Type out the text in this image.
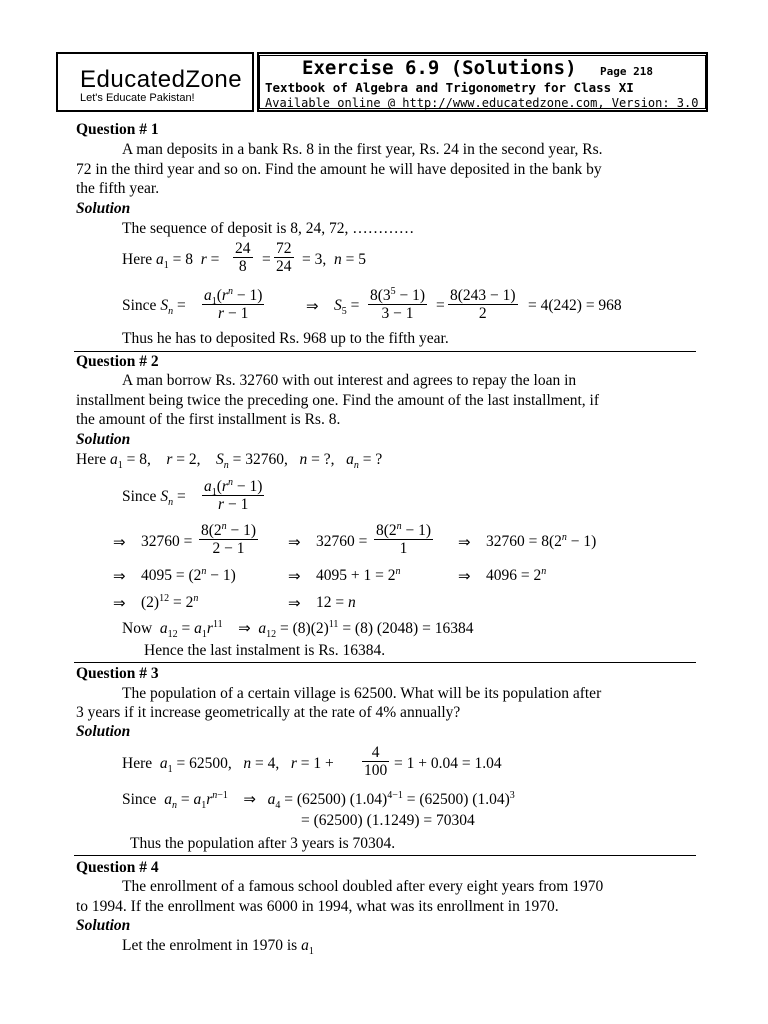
EducatedZone
Let's Educate Pakistan!
Exercise 6.9 (Solutions) Page 218
Textbook of Algebra and Trigonometry for Class XI
Available online @ http://www.educatedzone.com, Version: 3.0
Question # 1
A man deposits in a bank Rs. 8 in the first year, Rs. 24 in the second year, Rs.
72 in the third year and so on. Find the amount he will have deposited in the bank by
the fifth year.
Solution
The sequence of deposit is 8, 24, 72, …………
Here $a_1 = 8$  r =
24
8 =
72
24 = 3,  n = 5
Since $S_n$ =
$a_1(r^n - 1)$
r − 1	⇒ $S_5$ =
$8(3^5 - 1)$
3 − 1 =
8(243 − 1)
2	= 4(242) = 968
Thus he has to deposited Rs. 968 up to the fifth year.
Question # 2
A man borrow Rs. 32760 with out interest and agrees to repay the loan in
installment being twice the preceding one. Find the amount of the last installment, if
the amount of the first installment is Rs. 8.
Solution
Here $a_1 = 8$,    r = 2,    $S_n = 32760$,   n = ?,   $a_n$ = ?
Since $S_n$ =
$a_1(r^n - 1)$
r − 1
⇒ 32760 =
$8(2^n - 1)$
2 − 1	⇒ 32760 =
$8(2^n - 1)$
1	⇒ $32760 = 8(2^n - 1)$
⇒ $4095 = (2^n - 1)$	⇒ $4095 + 1 = 2^n$	⇒ $4096 = 2^n$
⇒ $(2)^{12} = 2^n$	⇒ 12 = n
Now  $a_{12} = a_1r^{11}$ ⇒ $a_{12} = (8)(2)^{11} = (8) (2048) = 16384$
Hence the last instalment is Rs. 16384.
Question # 3
The population of a certain village is 62500. What will be its population after
3 years if it increase geometrically at the rate of 4% annually?
Solution
Here  $a_1 = 62500$,   n = 4,   r = 1 +
4
100 = 1 + 0.04 = 1.04
Since  $a_n = a_1r^{n-1}$ ⇒ $a_4 = (62500) (1.04)^{4-1} = (62500)$ $(1.04)^3$
= (62500) (1.1249) = 70304
Thus the population after 3 years is 70304.
Question # 4
The enrollment of a famous school doubled after every eight years from 1970
to 1994. If the enrollment was 6000 in 1994, what was its enrollment in 1970.
Solution
Let the enrolment in 1970 is $a_1$
